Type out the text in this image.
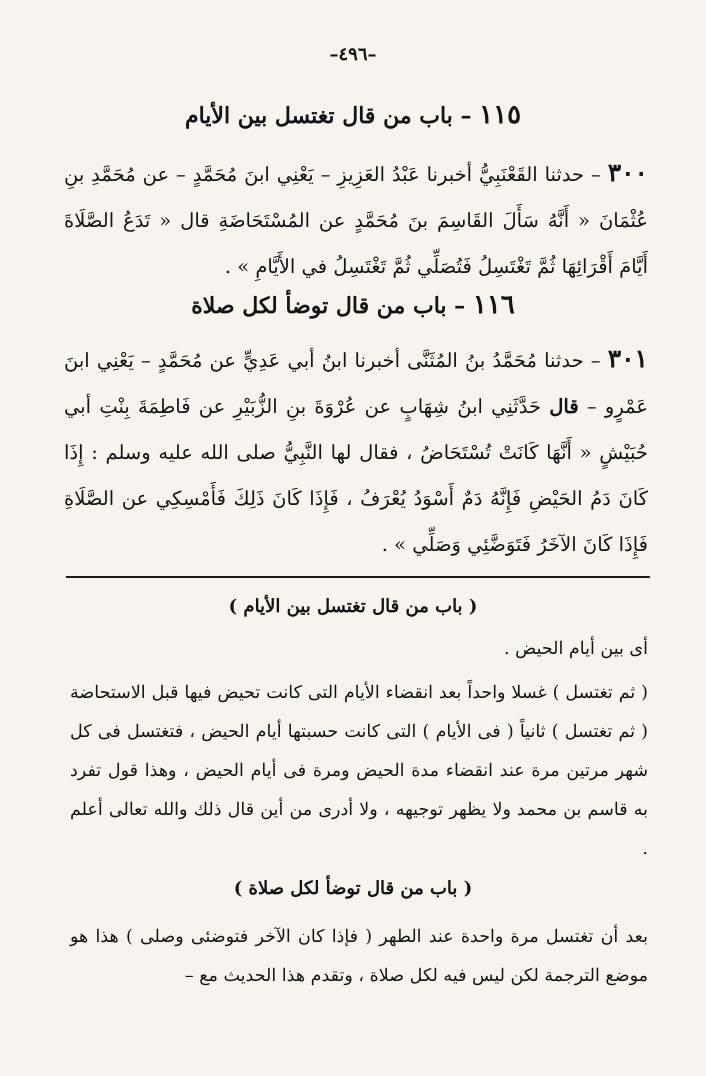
–٤٩٦–
١١٥ – باب من قال تغتسل بين الأيام
٣٠٠ – حدثنا القَعْنَبِيُّ أخبرنا عَبْدُ العَزِيزِ – يَعْنِي ابنَ مُحَمَّدٍ – عن مُحَمَّدِ بنِ عُثْمَانَ « أَنَّهُ سَأَلَ القَاسِمَ بنَ مُحَمَّدٍ عن المُسْتَحَاضَةِ قال « تَدَعُ الصَّلَاةَ أَيَّامَ أَقْرَائِهَا ثُمَّ تَغْتَسِلُ فَتُصَلِّي ثُمَّ تَغْتَسِلُ في الأَيَّامِ » .
١١٦ – باب من قال توضأ لكل صلاة
٣٠١ – حدثنا مُحَمَّدُ بنُ المُثَنَّى أخبرنا ابنُ أبي عَدِيٍّ عن مُحَمَّدٍ – يَعْنِي ابنَ عَمْرٍو – قال حَدَّثَنِي ابنُ شِهَابٍ عن عُرْوَةَ بنِ الزُّبَيْرِ عن فَاطِمَةَ بِنْتِ أبي حُبَيْشٍ « أَنَّهَا كَانَتْ تُسْتَحَاضُ ، فقال لها النَّبِيُّ صلى الله عليه وسلم : إِذَا كَانَ دَمُ الحَيْضِ فَإِنَّهُ دَمٌ أَسْوَدُ يُعْرَفُ ، فَإِذَا كَانَ ذَلِكَ فَأَمْسِكِي عن الصَّلَاةِ فَإِذَا كَانَ الآخَرُ فَتَوَضَّئِي وَصَلِّي » .
( باب من قال تغتسل بين الأيام )
أى بين أيام الحيض .
( ثم تغتسل ) غسلا واحداً بعد انقضاء الأيام التى كانت تحيض فيها قبل الاستحاضة ( ثم تغتسل ) ثانياً ( فى الأيام ) التى كانت حسبتها أيام الحيض ، فتغتسل فى كل شهر مرتين مرة عند انقضاء مدة الحيض ومرة فى أيام الحيض ، وهذا قول تفرد به قاسم بن محمد ولا يظهر توجيهه ، ولا أدرى من أين قال ذلك والله تعالى أعلم .
( باب من قال توضأ لكل صلاة )
بعد أن تغتسل مرة واحدة عند الطهر ( فإذا كان الآخر فتوضئى وصلى ) هذا هو موضع الترجمة لكن ليس فيه لكل صلاة ، وتقدم هذا الحديث مع –
